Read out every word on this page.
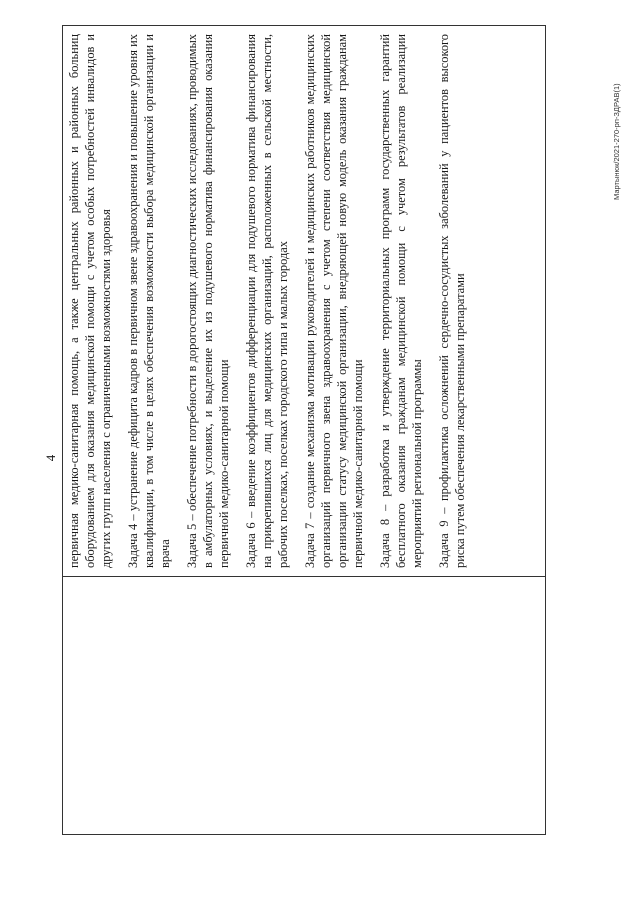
4
	первичная медико-санитарная помощь, а также центральных районных и районных больниц оборудованием для оказания медицинской помощи с учетом особых потребностей инвалидов и других групп населения с ограниченными возможностями здоровья Задача 4 – устранение дефицита кадров в первичном звене здравоохранения и повышение уровня их квалификации, в том числе в целях обеспечения возможности выбора медицинской организации и врача Задача 5 – обеспечение потребности в дорогостоящих диагностических исследованиях, проводимых в амбулаторных условиях, и выделение их из подушевого норматива финансирования оказания первичной медико-санитарной помощи Задача 6 – введение коэффициентов дифференциации для подушевого норматива финансирования на прикрепившихся лиц для медицинских организаций, расположенных в сельской местности, рабочих поселках, поселках городского типа и малых городах Задача 7 – создание механизма мотивации руководителей и медицинских работников медицинских организаций первичного звена здравоохранения с учетом степени соответствия медицинской организации статусу медицинской организации, внедряющей новую модель оказания гражданам первичной медико-санитарной помощи Задача 8 – разработка и утверждение территориальных программ государственных гарантий бесплатного оказания гражданам медицинской помощи с учетом результатов реализации мероприятий региональной программы Задача 9 – профилактика осложнений сердечно-сосудистых заболеваний у пациентов высокого риска путем обеспечения лекарственными препаратами

Мартынюк/2021-270-рп-ЗДРАВ(1)
